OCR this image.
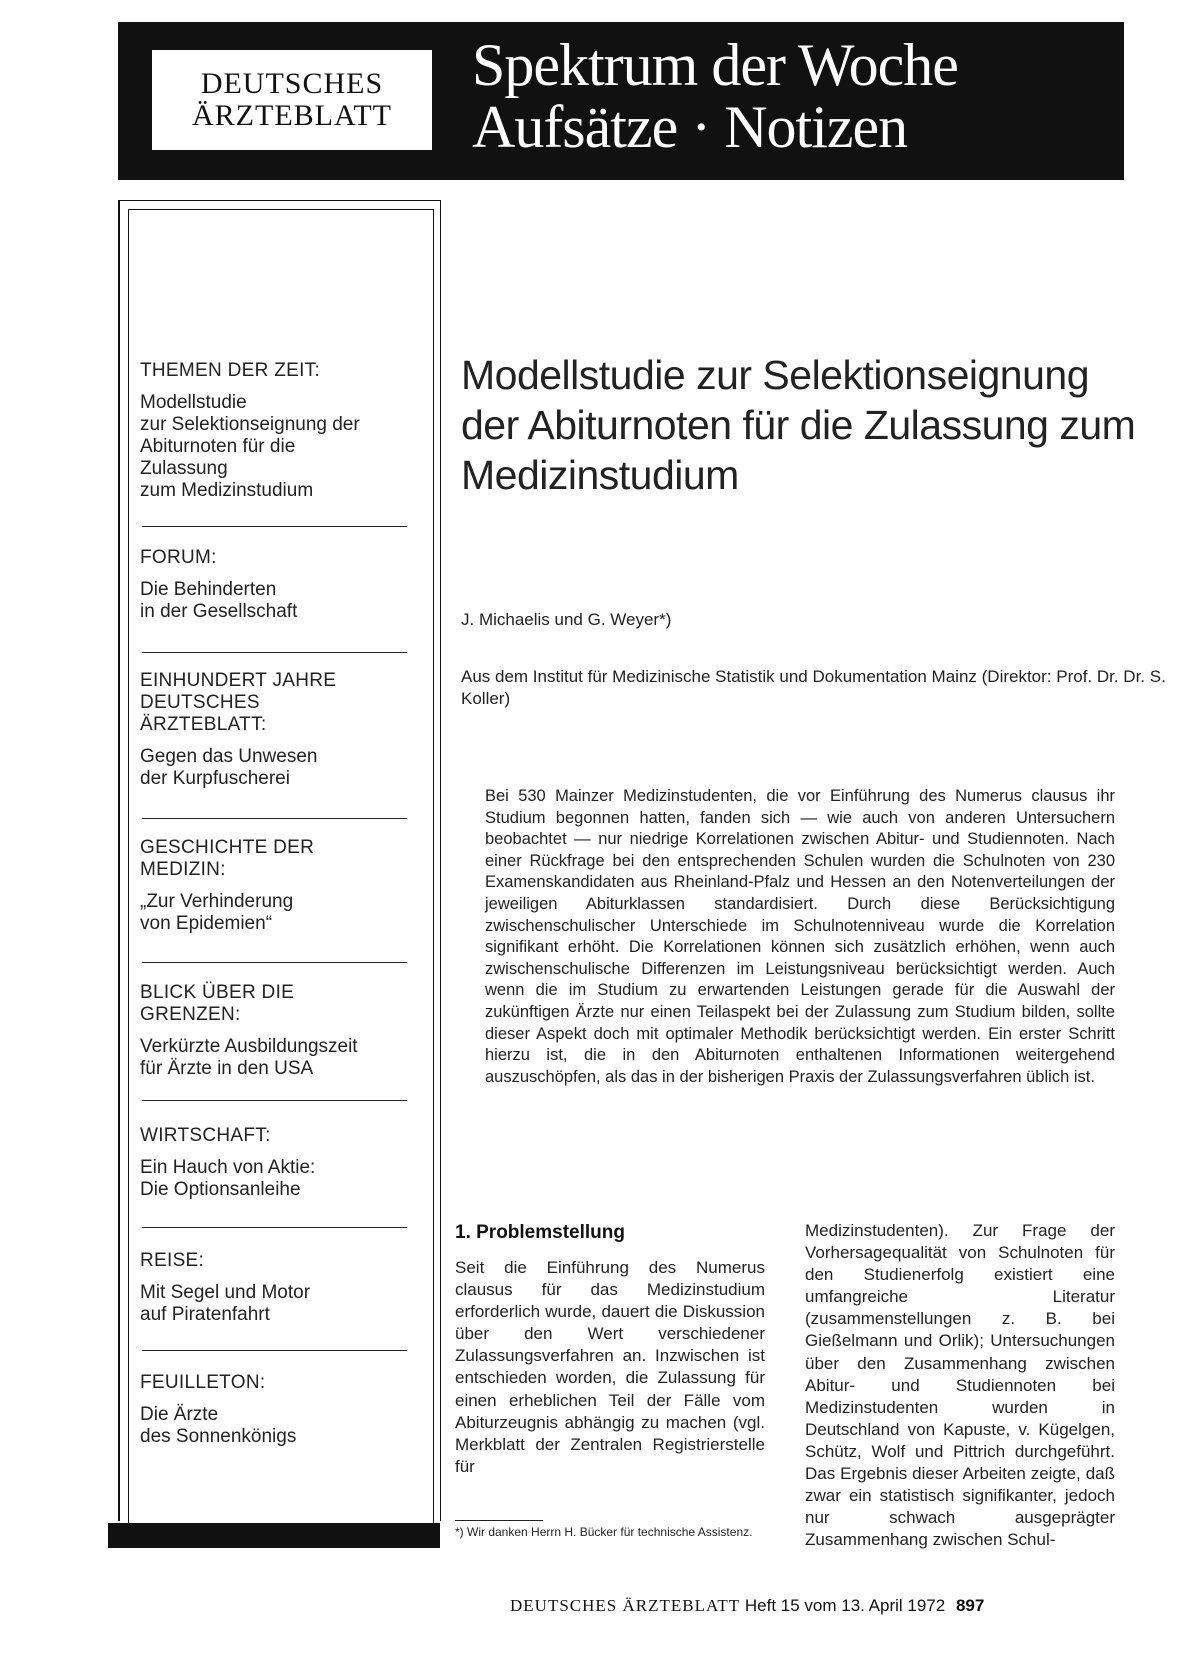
DEUTSCHES
ÄRZTEBLATT
Spektrum der Woche
Aufsätze · Notizen
THEMEN DER ZEIT:
Modellstudie
zur Selektionseignung der
Abiturnoten für die
Zulassung
zum Medizinstudium
FORUM:
Die Behinderten
in der Gesellschaft
EINHUNDERT JAHRE DEUTSCHES ÄRZTEBLATT:
Gegen das Unwesen
der Kurpfuscherei
GESCHICHTE DER MEDIZIN:
„Zur Verhinderung
von Epidemien“
BLICK ÜBER DIE GRENZEN:
Verkürzte Ausbildungszeit
für Ärzte in den USA
WIRTSCHAFT:
Ein Hauch von Aktie:
Die Optionsanleihe
REISE:
Mit Segel und Motor
auf Piratenfahrt
FEUILLETON:
Die Ärzte
des Sonnenkönigs
Modellstudie zur Selektionseignung der Abiturnoten für die Zulassung zum Medizinstudium
J. Michaelis und G. Weyer*)
Aus dem Institut für Medizinische Statistik und Dokumentation Mainz (Direktor: Prof. Dr. Dr. S. Koller)
Bei 530 Mainzer Medizinstudenten, die vor Einführung des Numerus clausus ihr Studium begonnen hatten, fanden sich — wie auch von anderen Untersuchern beobachtet — nur niedrige Korrelationen zwischen Abitur- und Studiennoten. Nach einer Rückfrage bei den entsprechenden Schulen wurden die Schulnoten von 230 Examenskandidaten aus Rheinland-Pfalz und Hessen an den Notenverteilungen der jeweiligen Abiturklassen standardisiert. Durch diese Berücksichtigung zwischenschulischer Unterschiede im Schulnotenniveau wurde die Korrelation signifikant erhöht. Die Korrelationen können sich zusätzlich erhöhen, wenn auch zwischenschulische Differenzen im Leistungsniveau berücksichtigt werden. Auch wenn die im Studium zu erwartenden Leistungen gerade für die Auswahl der zukünftigen Ärzte nur einen Teilaspekt bei der Zulassung zum Studium bilden, sollte dieser Aspekt doch mit optimaler Methodik berücksichtigt werden. Ein erster Schritt hierzu ist, die in den Abiturnoten enthaltenen Informationen weitergehend auszuschöpfen, als das in der bisherigen Praxis der Zulassungsverfahren üblich ist.
1. Problemstellung
Seit die Einführung des Numerus clausus für das Medizinstudium erforderlich wurde, dauert die Diskussion über den Wert verschiedener Zulassungsverfahren an. Inzwischen ist entschieden worden, die Zulassung für einen erheblichen Teil der Fälle vom Abiturzeugnis abhängig zu machen (vgl. Merkblatt der Zentralen Registrierstelle für
Medizinstudenten). Zur Frage der Vorhersagequalität von Schulnoten für den Studienerfolg existiert eine umfangreiche Literatur (zusammenstellungen z. B. bei Gießelmann und Orlik); Untersuchungen über den Zusammenhang zwischen Abitur- und Studiennoten bei Medizinstudenten wurden in Deutschland von Kapuste, v. Kügelgen, Schütz, Wolf und Pittrich durchgeführt. Das Ergebnis dieser Arbeiten zeigte, daß zwar ein statistisch signifikanter, jedoch nur schwach ausgeprägter Zusammenhang zwischen Schul-
*) Wir danken Herrn H. Bücker für technische Assistenz.
DEUTSCHES ÄRZTEBLATT Heft 15 vom 13. April 1972 897
